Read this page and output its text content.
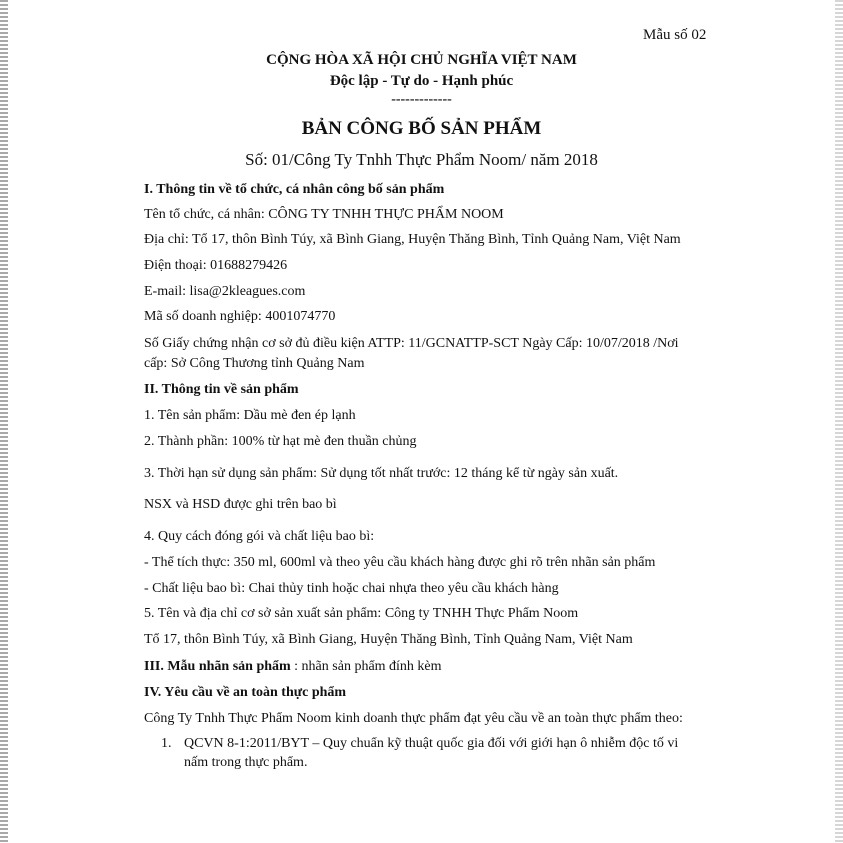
Mẫu số 02
CỘNG HÒA XÃ HỘI CHỦ NGHĨA VIỆT NAM
Độc lập - Tự do - Hạnh phúc
-------------
BẢN CÔNG BỐ SẢN PHẨM
Số: 01/Công Ty Tnhh Thực Phẩm Noom/ năm 2018
I. Thông tin về tổ chức, cá nhân công bố sản phẩm
Tên tổ chức, cá nhân: CÔNG TY TNHH THỰC PHẨM NOOM
Địa chỉ: Tổ 17, thôn Bình Túy, xã Bình Giang, Huyện Thăng Bình, Tỉnh Quảng Nam, Việt Nam
Điện thoại: 01688279426
E-mail: lisa@2kleagues.com
Mã số doanh nghiệp: 4001074770
Số Giấy chứng nhận cơ sở đủ điều kiện ATTP: 11/GCNATTP-SCT Ngày Cấp: 10/07/2018 /Nơi
cấp: Sở Công Thương tỉnh Quảng Nam
II. Thông tin về sản phẩm
1. Tên sản phẩm: Dầu mè đen ép lạnh
2. Thành phần: 100% từ hạt mè đen thuần chủng
3. Thời hạn sử dụng sản phẩm: Sử dụng tốt nhất trước: 12 tháng kể từ ngày sản xuất.
NSX và HSD được ghi trên bao bì
4. Quy cách đóng gói và chất liệu bao bì:
- Thể tích thực: 350 ml, 600ml và theo yêu cầu khách hàng được ghi rõ trên nhãn sản phẩm
- Chất liệu bao bì: Chai thủy tinh hoặc chai nhựa theo yêu cầu khách hàng
5. Tên và địa chỉ cơ sở sản xuất sản phẩm: Công ty TNHH Thực Phẩm Noom
Tổ 17, thôn Bình Túy, xã Bình Giang, Huyện Thăng Bình, Tỉnh Quảng Nam, Việt Nam
III. Mẫu nhãn sản phẩm : nhãn sản phẩm đính kèm
IV. Yêu cầu về an toàn thực phẩm
Công Ty Tnhh Thực Phẩm Noom kinh doanh thực phẩm đạt yêu cầu về an toàn thực phẩm theo:
1. QCVN 8-1:2011/BYT – Quy chuẩn kỹ thuật quốc gia đối với giới hạn ô nhiễm độc tố vi
nấm trong thực phẩm.
